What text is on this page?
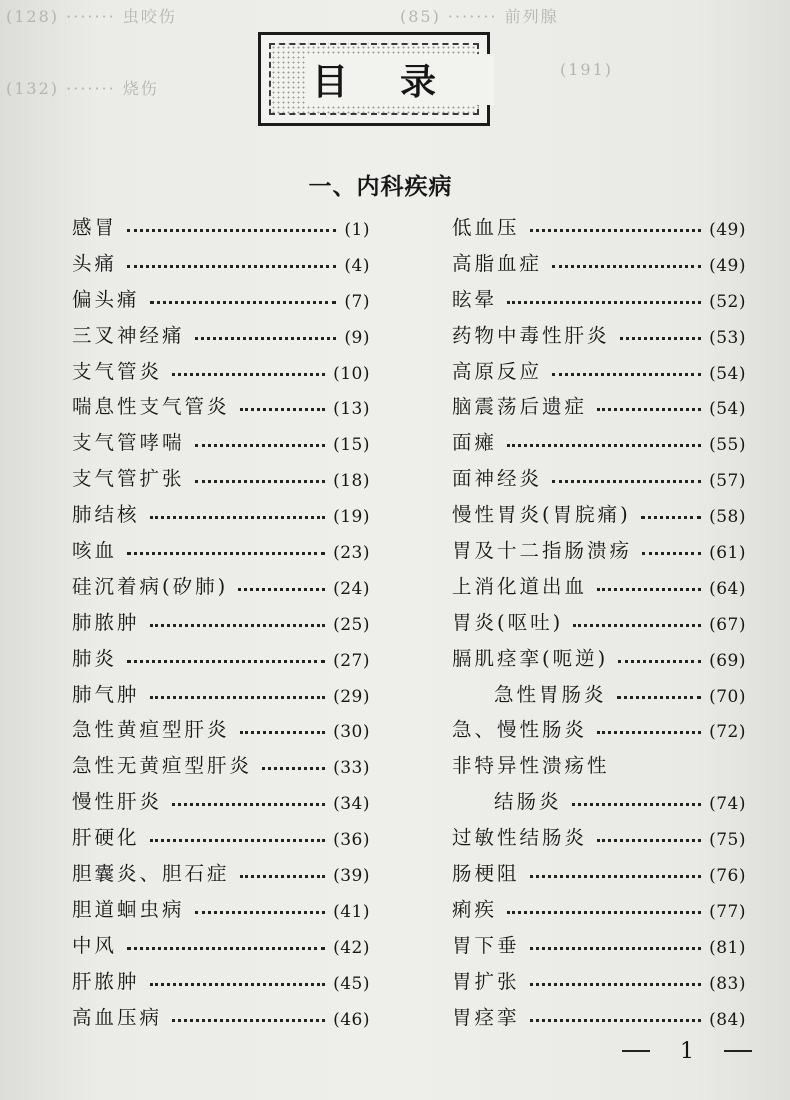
(128) ······· 虫咬伤	(85) ······· 前列腺
(132) ······· 烧伤
(191)
目录
一、内科疾病
感冒	(1)
头痛	(4)
偏头痛	(7)
三叉神经痛	(9)
支气管炎	(10)
喘息性支气管炎	(13)
支气管哮喘	(15)
支气管扩张	(18)
肺结核	(19)
咳血	(23)
硅沉着病(矽肺)	(24)
肺脓肿	(25)
肺炎	(27)
肺气肿	(29)
急性黄疸型肝炎	(30)
急性无黄疸型肝炎	(33)
慢性肝炎	(34)
肝硬化	(36)
胆囊炎、胆石症	(39)
胆道蛔虫病	(41)
中风	(42)
肝脓肿	(45)
高血压病	(46)
低血压	(49)
高脂血症	(49)
眩晕	(52)
药物中毒性肝炎	(53)
高原反应	(54)
脑震荡后遗症	(54)
面瘫	(55)
面神经炎	(57)
慢性胃炎(胃脘痛)	(58)
胃及十二指肠溃疡	(61)
上消化道出血	(64)
胃炎(呕吐)	(67)
膈肌痉挛(呃逆)	(69)
急性胃肠炎	(70)
急、慢性肠炎	(72)
非特异性溃疡性
结肠炎	(74)
过敏性结肠炎	(75)
肠梗阻	(76)
痢疾	(77)
胃下垂	(81)
胃扩张	(83)
胃痉挛	(84)
1
